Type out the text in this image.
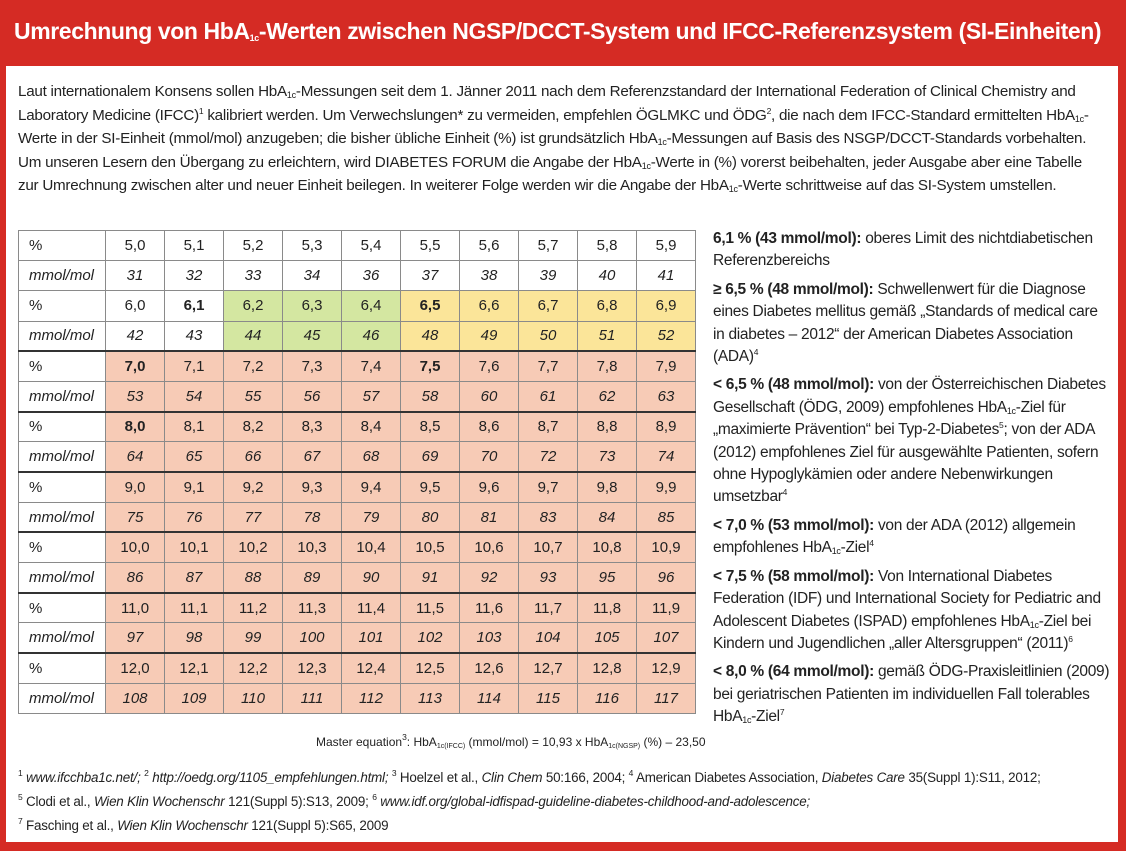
Umrechnung von HbA$_{1c}$-Werten zwischen NGSP/DCCT-System und IFCC-Referenzsystem (SI-Einheiten)

Laut internationalem Konsens sollen HbA$_{1c}$-Messungen seit dem 1. Jänner 2011 nach dem Referenzstandard der International Federation of Clinical Chemistry and Laboratory Medicine (IFCC)$^1$ kalibriert werden. Um Verwechslungen* zu vermeiden, empfehlen ÖGLMKC und ÖDG$^2$, die nach dem IFCC-Standard ermittelten HbA$_{1c}$-Werte in der SI-Einheit (mmol/mol) anzugeben; die bisher übliche Einheit (%) ist grundsätzlich HbA$_{1c}$-Messungen auf Basis des NSGP/DCCT-Standards vorbehalten. Um unseren Lesern den Übergang zu erleichtern, wird DIABETES FORUM die Angabe der HbA$_{1c}$-Werte in (%) vorerst beibehalten, jeder Ausgabe aber eine Tabelle zur Umrechnung zwischen alter und neuer Einheit beilegen. In weiterer Folge werden wir die Angabe der HbA$_{1c}$-Werte schrittweise auf das SI-System umstellen.

%	5,0	5,1	5,2	5,3	5,4	5,5	5,6	5,7	5,8	5,9
mmol/mol	31	32	33	34	36	37	38	39	40	41
%	6,0	6,1	6,2	6,3	6,4	6,5	6,6	6,7	6,8	6,9
mmol/mol	42	43	44	45	46	48	49	50	51	52
%	7,0	7,1	7,2	7,3	7,4	7,5	7,6	7,7	7,8	7,9
mmol/mol	53	54	55	56	57	58	60	61	62	63
%	8,0	8,1	8,2	8,3	8,4	8,5	8,6	8,7	8,8	8,9
mmol/mol	64	65	66	67	68	69	70	72	73	74
%	9,0	9,1	9,2	9,3	9,4	9,5	9,6	9,7	9,8	9,9
mmol/mol	75	76	77	78	79	80	81	83	84	85
%	10,0	10,1	10,2	10,3	10,4	10,5	10,6	10,7	10,8	10,9
mmol/mol	86	87	88	89	90	91	92	93	95	96
%	11,0	11,1	11,2	11,3	11,4	11,5	11,6	11,7	11,8	11,9
mmol/mol	97	98	99	100	101	102	103	104	105	107
%	12,0	12,1	12,2	12,3	12,4	12,5	12,6	12,7	12,8	12,9
mmol/mol	108	109	110	111	112	113	114	115	116	117
Master equation$^3$: HbA$_{1c(IFCC)}$ (mmol/mol) = 10,93 x HbA$_{1c(NGSP)}$ (%) – 23,50

6,1 % (43 mmol/mol): oberes Limit des nichtdiabetischen Referenzbereichs

≥ 6,5 % (48 mmol/mol): Schwellenwert für die Diagnose eines Diabetes mellitus gemäß „Standards of medical care in diabetes – 2012“ der American Diabetes Association (ADA)$^4$

< 6,5 % (48 mmol/mol): von der Österreichischen Diabetes Gesellschaft (ÖDG, 2009) empfohlenes HbA$_{1c}$-Ziel für „maximierte Prävention“ bei Typ-2-Diabetes$^5$; von der ADA (2012) empfohlenes Ziel für ausgewählte Patienten, sofern ohne Hypoglykämien oder andere Nebenwirkungen umsetzbar$^4$

< 7,0 % (53 mmol/mol): von der ADA (2012) allgemein empfohlenes HbA$_{1c}$-Ziel$^4$

< 7,5 % (58 mmol/mol): Von International Diabetes Federation (IDF) und International Society for Pediatric and Adolescent Diabetes (ISPAD) empfohlenes HbA$_{1c}$-Ziel bei Kindern und Jugendlichen „aller Altersgruppen“ $(2011)^6$

< 8,0 % (64 mmol/mol): gemäß ÖDG-Praxisleitlinien (2009) bei geriatrischen Patienten im individuellen Fall tolerables HbA$_{1c}$-Ziel$^7$

$^1$ www.ifcchba1c.net/; $^2$ http://oedg.org/1105_empfehlungen.html; $^3$ Hoelzel et al., Clin Chem 50:166, 2004; $^4$ American Diabetes Association, Diabetes Care 35(Suppl 1):S11, 2012;
$^5$ Clodi et al., Wien Klin Wochenschr 121(Suppl 5):S13, 2009; $^6$ www.idf.org/global-idfispad-guideline-diabetes-childhood-and-adolescence;
$^7$ Fasching et al., Wien Klin Wochenschr 121(Suppl 5):S65, 2009
